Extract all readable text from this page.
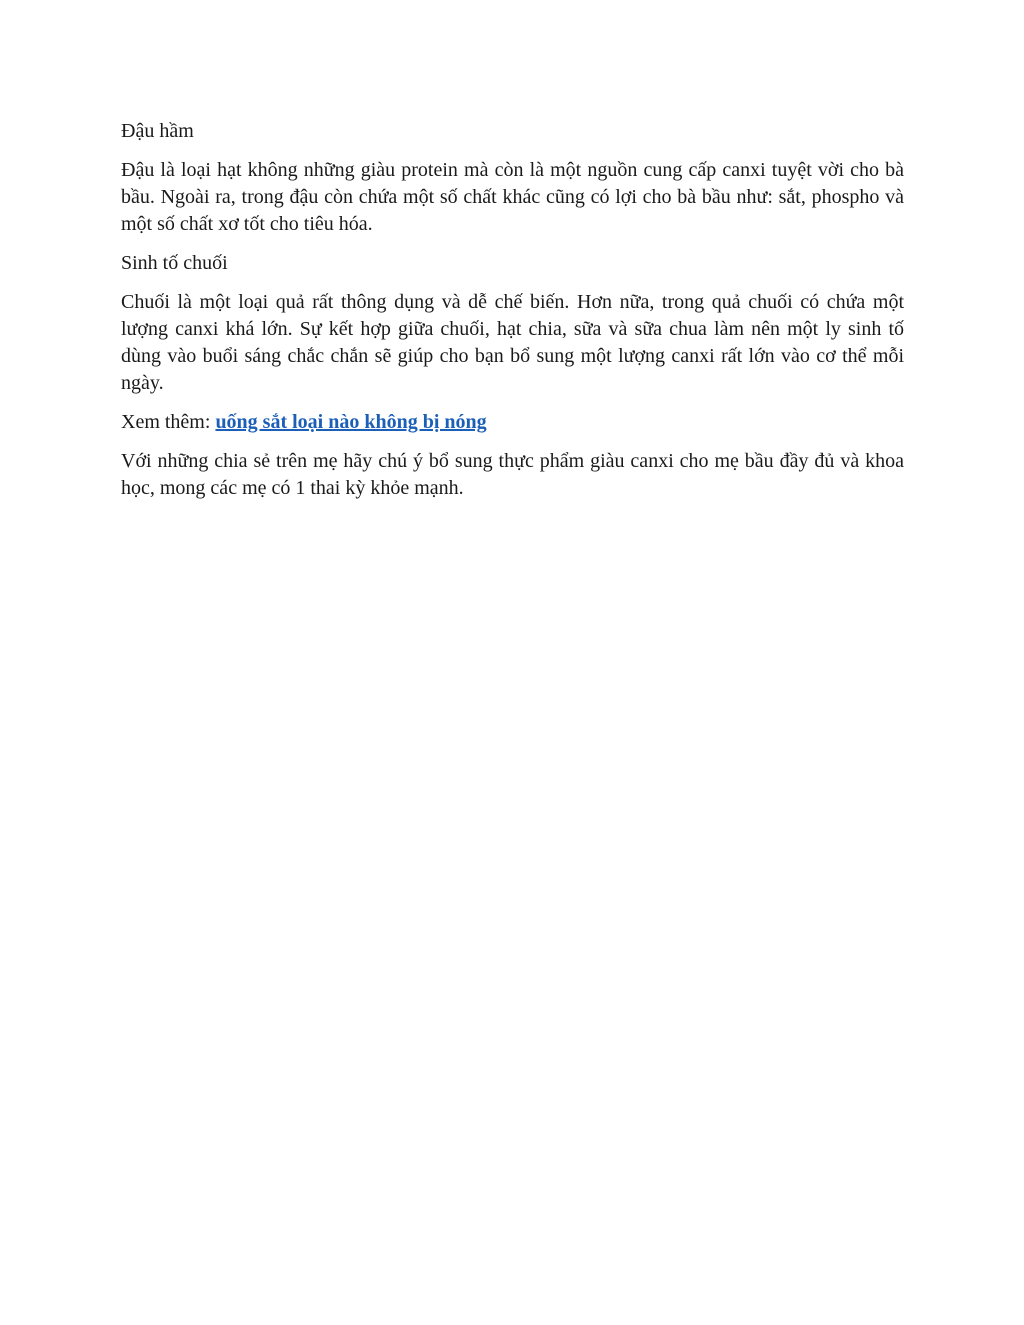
Đậu hầm

Đậu là loại hạt không những giàu protein mà còn là một nguồn cung cấp canxi tuyệt vời cho bà bầu. Ngoài ra, trong đậu còn chứa một số chất khác cũng có lợi cho bà bầu như: sắt, phospho và một số chất xơ tốt cho tiêu hóa.

Sinh tố chuối

Chuối là một loại quả rất thông dụng và dễ chế biến. Hơn nữa, trong quả chuối có chứa một lượng canxi khá lớn. Sự kết hợp giữa chuối, hạt chia, sữa và sữa chua làm nên một ly sinh tố dùng vào buổi sáng chắc chắn sẽ giúp cho bạn bổ sung một lượng canxi rất lớn vào cơ thể mỗi ngày.

Xem thêm: uống sắt loại nào không bị nóng

Với những chia sẻ trên mẹ hãy chú ý bổ sung thực phẩm giàu canxi cho mẹ bầu đầy đủ và khoa học, mong các mẹ có 1 thai kỳ khỏe mạnh.
